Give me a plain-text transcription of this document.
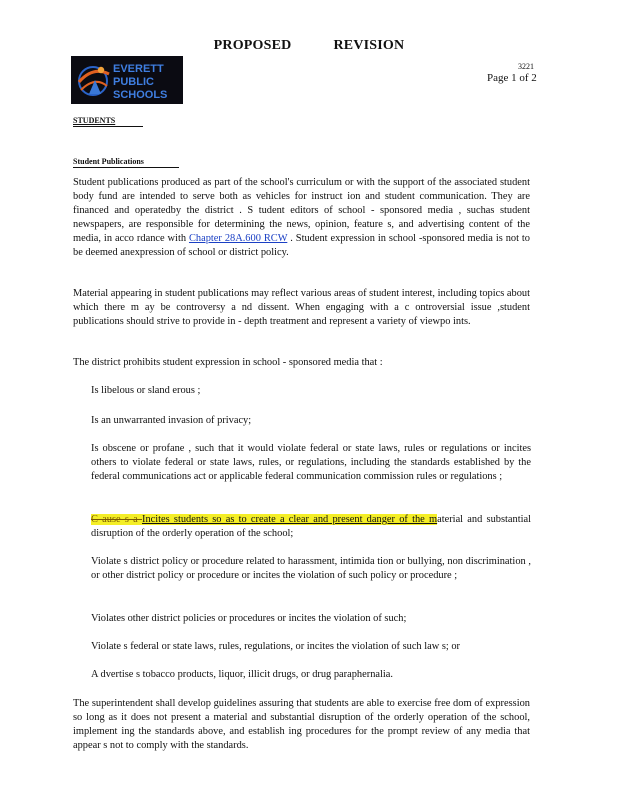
PROPOSED	REVISION
EVERETT
PUBLIC
SCHOOLS
3221
Page 1 of 2
STUDENTS
Student Publications
Student publications produced as part of the school's curriculum or with the support of the associated student body fund are intended to serve both as vehicles for instruct ion and student communication. They are financed and operatedby the district . S tudent editors of school - sponsored media , suchas student newspapers, are responsible for determining the news, opinion, feature s, and advertising content of the media, in acco rdance with Chapter 28A.600 RCW . Student expression in school -sponsored media is not to be deemed anexpression of school or district policy.
Material appearing in student publications may reflect various areas of student interest, including topics about which there m ay be controversy a nd dissent. When engaging with a c ontroversial issue ,student publications should strive to provide in - depth treatment and represent a variety of viewpo ints.
The district prohibits student expression in school - sponsored media that :
Is libelous or sland erous ;
Is an unwarranted invasion of privacy;
Is obscene or profane , such that it would violate federal or state laws, rules or regulations or incites others to violate federal or state laws, rules, or regulations, including the standards established by the federal communications act or applicable federal communication commission rules or regulations ;
C ause s a Incites students so as to create a clear and present danger of the material and substantial disruption of the orderly operation of the school;
Violate s district policy or procedure related to harassment, intimida tion or bullying, non discrimination , or other district policy or procedure or incites the violation of such policy or procedure ;
Violates other district policies or procedures or incites the violation of such;
Violate s federal or state laws, rules, regulations, or incites the violation of such law s; or
A dvertise s tobacco products, liquor, illicit drugs, or drug paraphernalia.
The superintendent shall develop guidelines assuring that students are able to exercise free dom of expression so long as it does not present a material and substantial disruption of the orderly operation of the school, implement ing the standards above, and establish ing procedures for the prompt review of any media that appear s not to comply with the standards.
